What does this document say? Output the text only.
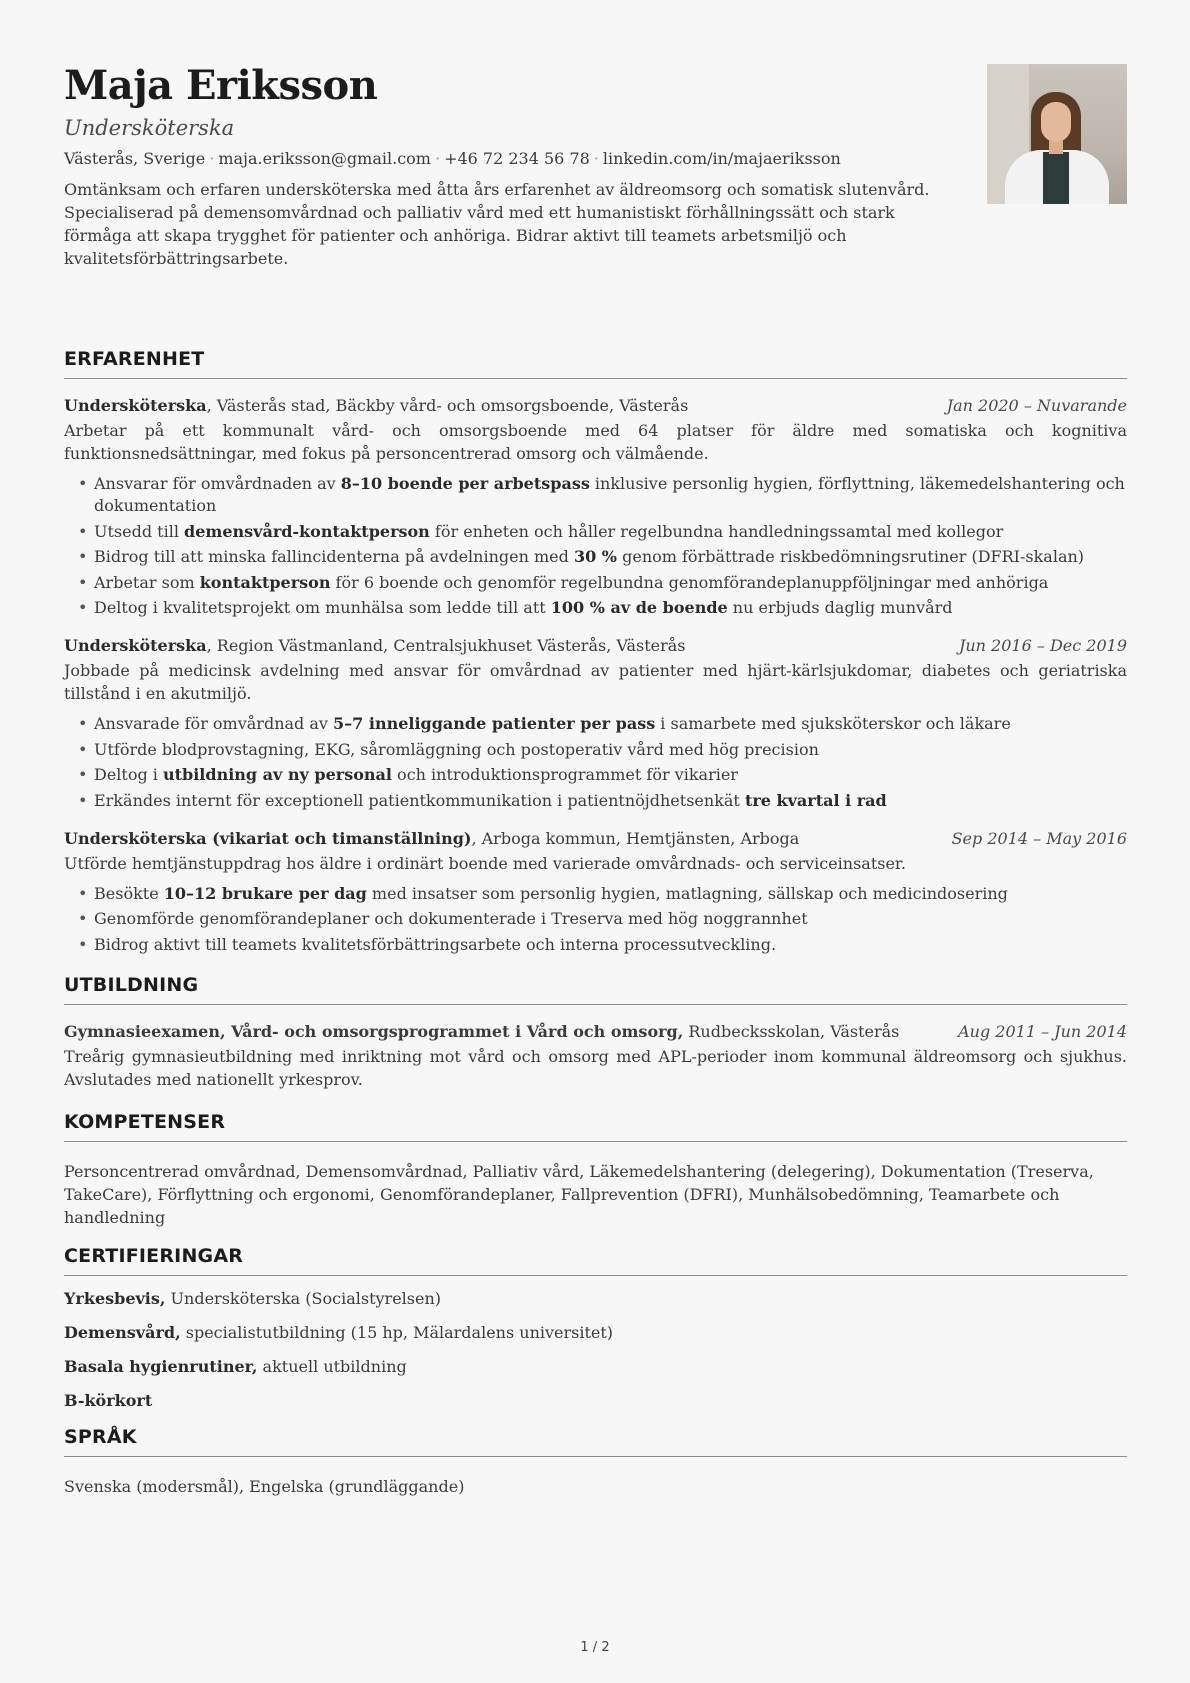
Maja Eriksson
Undersköterska
Västerås, Sverige · maja.eriksson@gmail.com · +46 72 234 56 78 · linkedin.com/in/majaeriksson
Omtänksam och erfaren undersköterska med åtta års erfarenhet av äldreomsorg och somatisk slutenvård. Specialiserad på demensomvårdnad och palliativ vård med ett humanistiskt förhållningssätt och stark förmåga att skapa trygghet för patienter och anhöriga. Bidrar aktivt till teamets arbetsmiljö och kvalitetsförbättringsarbete.
ERFARENHET
Undersköterska, Västerås stad, Bäckby vård- och omsorgsboende, Västerås	Jan 2020 – Nuvarande
Arbetar på ett kommunalt vård- och omsorgsboende med 64 platser för äldre med somatiska och kognitiva funktionsnedsättningar, med fokus på personcentrerad omsorg och välmående.
• Ansvarar för omvårdnaden av 8–10 boende per arbetspass inklusive personlig hygien, förflyttning, läkemedelshantering och dokumentation
• Utsedd till demensvård-kontaktperson för enheten och håller regelbundna handledningssamtal med kollegor
• Bidrog till att minska fallincidenterna på avdelningen med 30 % genom förbättrade riskbedömningsrutiner (DFRI-skalan)
• Arbetar som kontaktperson för 6 boende och genomför regelbundna genomförandeplanuppföljningar med anhöriga
• Deltog i kvalitetsprojekt om munhälsa som ledde till att 100 % av de boende nu erbjuds daglig munvård
Undersköterska, Region Västmanland, Centralsjukhuset Västerås, Västerås	Jun 2016 – Dec 2019
Jobbade på medicinsk avdelning med ansvar för omvårdnad av patienter med hjärt-kärlsjukdomar, diabetes och geriatriska tillstånd i en akutmiljö.
• Ansvarade för omvårdnad av 5–7 inneliggande patienter per pass i samarbete med sjuksköterskor och läkare
• Utförde blodprovstagning, EKG, såromläggning och postoperativ vård med hög precision
• Deltog i utbildning av ny personal och introduktionsprogrammet för vikarier
• Erkändes internt för exceptionell patientkommunikation i patientnöjdhetsenkät tre kvartal i rad
Undersköterska (vikariat och timanställning), Arboga kommun, Hemtjänsten, Arboga	Sep 2014 – May 2016
Utförde hemtjänstuppdrag hos äldre i ordinärt boende med varierade omvårdnads- och serviceinsatser.
• Besökte 10–12 brukare per dag med insatser som personlig hygien, matlagning, sällskap och medicindosering
• Genomförde genomförandeplaner och dokumenterade i Treserva med hög noggrannhet
• Bidrog aktivt till teamets kvalitetsförbättringsarbete och interna processutveckling.
UTBILDNING
Gymnasieexamen, Vård- och omsorgsprogrammet i Vård och omsorg, Rudbecksskolan, Västerås	Aug 2011 – Jun 2014
Treårig gymnasieutbildning med inriktning mot vård och omsorg med APL-perioder inom kommunal äldreomsorg och sjukhus. Avslutades med nationellt yrkesprov.
KOMPETENSER
Personcentrerad omvårdnad, Demensomvårdnad, Palliativ vård, Läkemedelshantering (delegering), Dokumentation (Treserva, TakeCare), Förflyttning och ergonomi, Genomförandeplaner, Fallprevention (DFRI), Munhälsobedömning, Teamarbete och handledning
CERTIFIERINGAR
Yrkesbevis, Undersköterska (Socialstyrelsen)
Demensvård, specialistutbildning (15 hp, Mälardalens universitet)
Basala hygienrutiner, aktuell utbildning
B-körkort
SPRÅK
Svenska (modersmål), Engelska (grundläggande)
1 / 2
